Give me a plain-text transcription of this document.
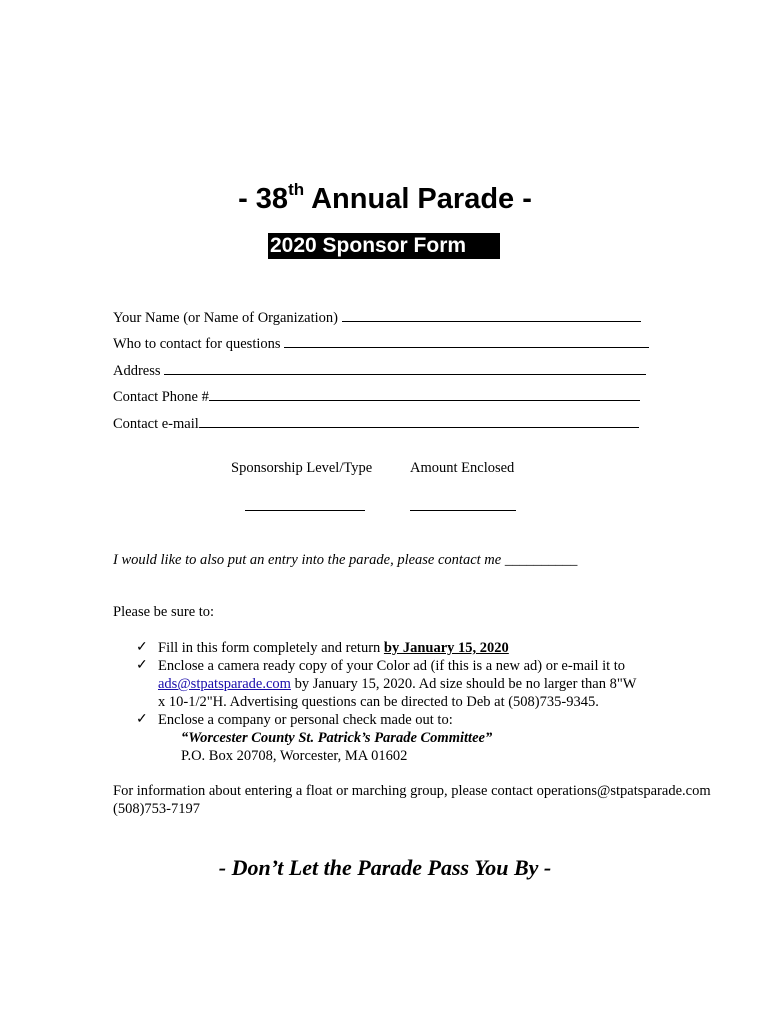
- 38th Annual Parade -
2020 Sponsor Form
Your Name (or Name of Organization)
Who to contact for questions
Address
Contact Phone #
Contact e-mail
Sponsorship Level/Type	Amount Enclosed
I would like to also put an entry into the parade, please contact me __________
Please be sure to:
✓ Fill in this form completely and return by January 15, 2020
✓ Enclose a camera ready copy of your Color ad (if this is a new ad) or e-mail it to
ads@stpatsparade.com by January 15, 2020. Ad size should be no larger than 8"W
x 10-1/2"H. Advertising questions can be directed to Deb at (508)735-9345.
✓ Enclose a company or personal check made out to:
“Worcester County St. Patrick’s Parade Committee”
P.O. Box 20708, Worcester, MA 01602
For information about entering a float or marching group, please contact operations@stpatsparade.com
(508)753-7197
- Don’t Let the Parade Pass You By -
